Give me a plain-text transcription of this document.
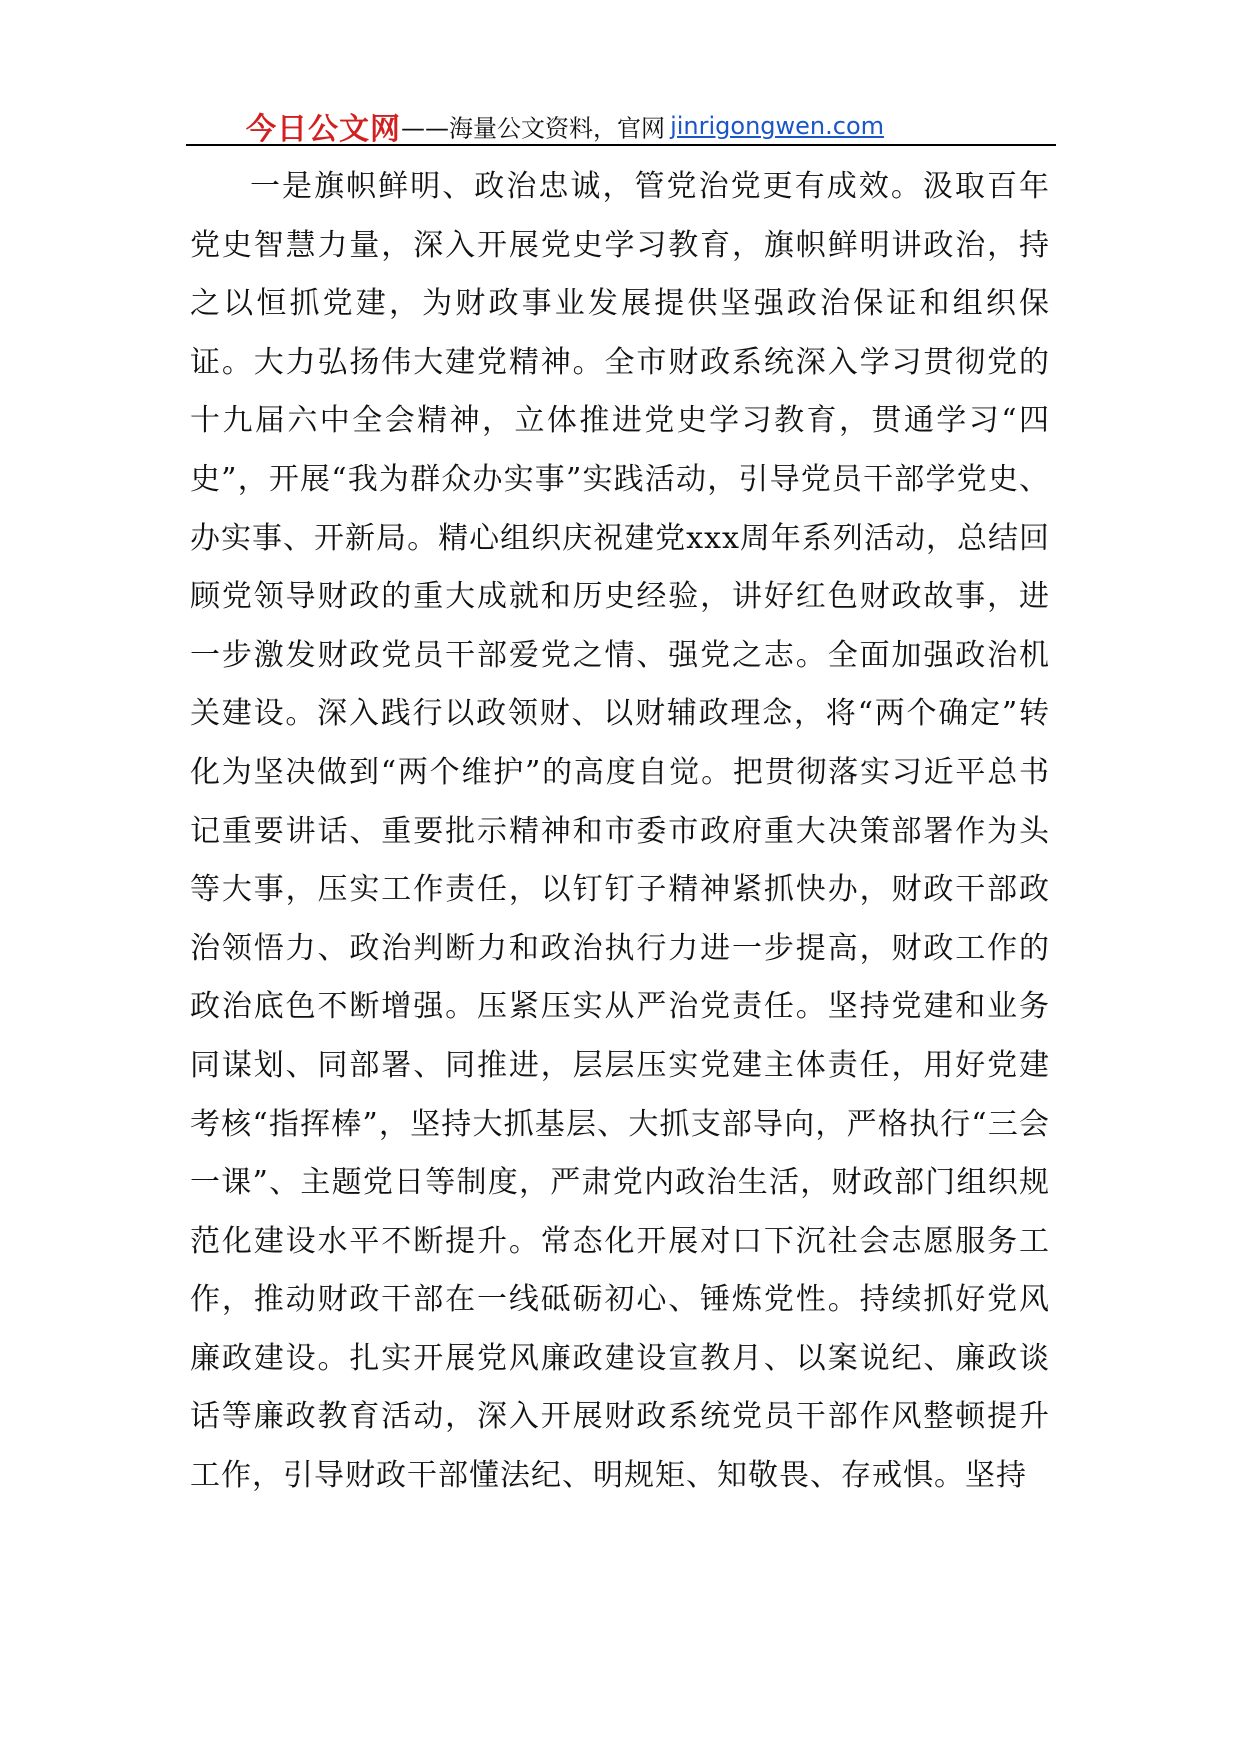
今日公文网——海量公文资料，官网 jinrigongwen.com

一是旗帜鲜明、政治忠诚，管党治党更有成效。汲取百年党史智慧力量，深入开展党史学习教育，旗帜鲜明讲政治，持之以恒抓党建，为财政事业发展提供坚强政治保证和组织保证。大力弘扬伟大建党精神。全市财政系统深入学习贯彻党的十九届六中全会精神，立体推进党史学习教育，贯通学习“四史”，开展“我为群众办实事”实践活动，引导党员干部学党史、办实事、开新局。精心组织庆祝建党xxx周年系列活动，总结回顾党领导财政的重大成就和历史经验，讲好红色财政故事，进一步激发财政党员干部爱党之情、强党之志。全面加强政治机关建设。深入践行以政领财、以财辅政理念，将“两个确定”转化为坚决做到“两个维护”的高度自觉。把贯彻落实习近平总书记重要讲话、重要批示精神和市委市政府重大决策部署作为头等大事，压实工作责任，以钉钉子精神紧抓快办，财政干部政治领悟力、政治判断力和政治执行力进一步提高，财政工作的政治底色不断增强。压紧压实从严治党责任。坚持党建和业务同谋划、同部署、同推进，层层压实党建主体责任，用好党建考核“指挥棒”，坚持大抓基层、大抓支部导向，严格执行“三会一课”、主题党日等制度，严肃党内政治生活，财政部门组织规范化建设水平不断提升。常态化开展对口下沉社会志愿服务工作，推动财政干部在一线砥砺初心、锤炼党性。持续抓好党风廉政建设。扎实开展党风廉政建设宣教月、以案说纪、廉政谈话等廉政教育活动，深入开展财政系统党员干部作风整顿提升工作，引导财政干部懂法纪、明规矩、知敬畏、存戒惧。坚持
